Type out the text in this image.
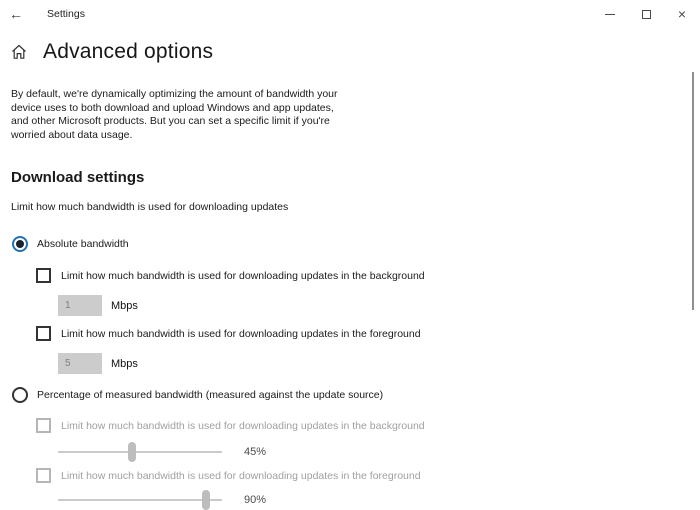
← Settings	×
Advanced options

By default, we're dynamically optimizing the amount of bandwidth your device uses to both download and upload Windows and app updates, and other Microsoft products. But you can set a specific limit if you're worried about data usage.

Download settings

Limit how much bandwidth is used for downloading updates

Absolute bandwidth
Limit how much bandwidth is used for downloading updates in the background
1
Mbps
Limit how much bandwidth is used for downloading updates in the foreground
5
Mbps
Percentage of measured bandwidth (measured against the update source)
Limit how much bandwidth is used for downloading updates in the background
45%
Limit how much bandwidth is used for downloading updates in the foreground
90%
